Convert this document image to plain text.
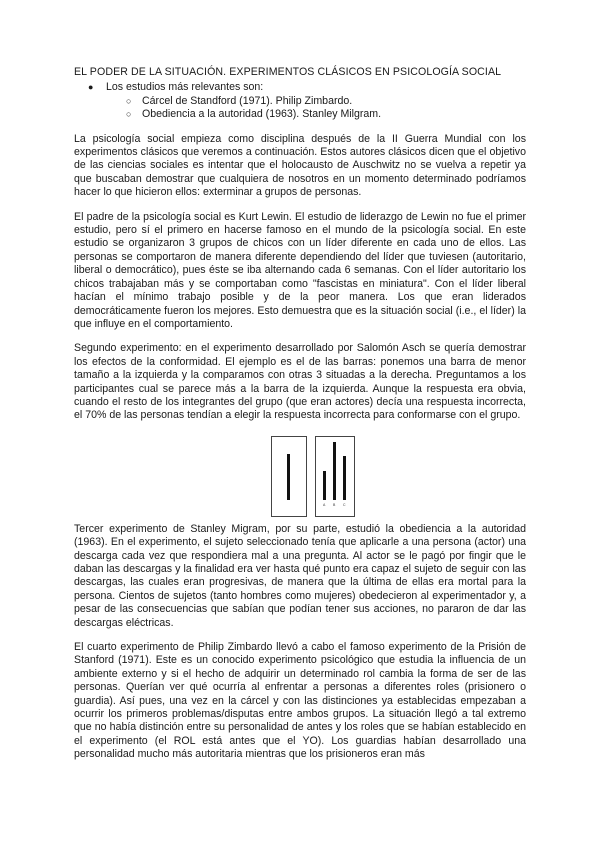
EL PODER DE LA SITUACIÓN. EXPERIMENTOS CLÁSICOS EN PSICOLOGÍA SOCIAL
● Los estudios más relevantes son:
○ Cárcel de Standford (1971). Philip Zimbardo.
○ Obediencia a la autoridad (1963). Stanley Milgram.

La psicología social empieza como disciplina después de la II Guerra Mundial con los experimentos clásicos que veremos a continuación. Estos autores clásicos dicen que el objetivo de las ciencias sociales es intentar que el holocausto de Auschwitz no se vuelva a repetir ya que buscaban demostrar que cualquiera de nosotros en un momento determinado podríamos hacer lo que hicieron ellos: exterminar a grupos de personas.

El padre de la psicología social es Kurt Lewin. El estudio de liderazgo de Lewin no fue el primer estudio, pero sí el primero en hacerse famoso en el mundo de la psicología social. En este estudio se organizaron 3 grupos de chicos con un líder diferente en cada uno de ellos. Las personas se comportaron de manera diferente dependiendo del líder que tuviesen (autoritario, liberal o democrático), pues éste se iba alternando cada 6 semanas. Con el líder autoritario los chicos trabajaban más y se comportaban como "fascistas en miniatura". Con el líder liberal hacían el mínimo trabajo posible y de la peor manera. Los que eran liderados democráticamente fueron los mejores. Esto demuestra que es la situación social (i.e., el líder) la que influye en el comportamiento.

Segundo experimento: en el experimento desarrollado por Salomón Asch se quería demostrar los efectos de la conformidad. El ejemplo es el de las barras: ponemos una barra de menor tamaño a la izquierda y la comparamos con otras 3 situadas a la derecha. Preguntamos a los participantes cual se parece más a la barra de la izquierda. Aunque la respuesta era obvia, cuando el resto de los integrantes del grupo (que eran actores) decía una respuesta incorrecta, el 70% de las personas tendían a elegir la respuesta incorrecta para conformarse con el grupo.

A B C

Tercer experimento de Stanley Migram, por su parte, estudió la obediencia a la autoridad (1963). En el experimento, el sujeto seleccionado tenía que aplicarle a una persona (actor) una descarga cada vez que respondiera mal a una pregunta. Al actor se le pagó por fingir que le daban las descargas y la finalidad era ver hasta qué punto era capaz el sujeto de seguir con las descargas, las cuales eran progresivas, de manera que la última de ellas era mortal para la persona. Cientos de sujetos (tanto hombres como mujeres) obedecieron al experimentador y, a pesar de las consecuencias que sabían que podían tener sus acciones, no pararon de dar las descargas eléctricas.

El cuarto experimento de Philip Zimbardo llevó a cabo el famoso experimento de la Prisión de Stanford (1971). Este es un conocido experimento psicológico que estudia la influencia de un ambiente externo y si el hecho de adquirir un determinado rol cambia la forma de ser de las personas. Querían ver qué ocurría al enfrentar a personas a diferentes roles (prisionero o guardia). Así pues, una vez en la cárcel y con las distinciones ya establecidas empezaban a ocurrir los primeros problemas/disputas entre ambos grupos. La situación llegó a tal extremo que no había distinción entre su personalidad de antes y los roles que se habían establecido en el experimento (el ROL está antes que el YO). Los guardias habían desarrollado una personalidad mucho más autoritaria mientras que los prisioneros eran más
